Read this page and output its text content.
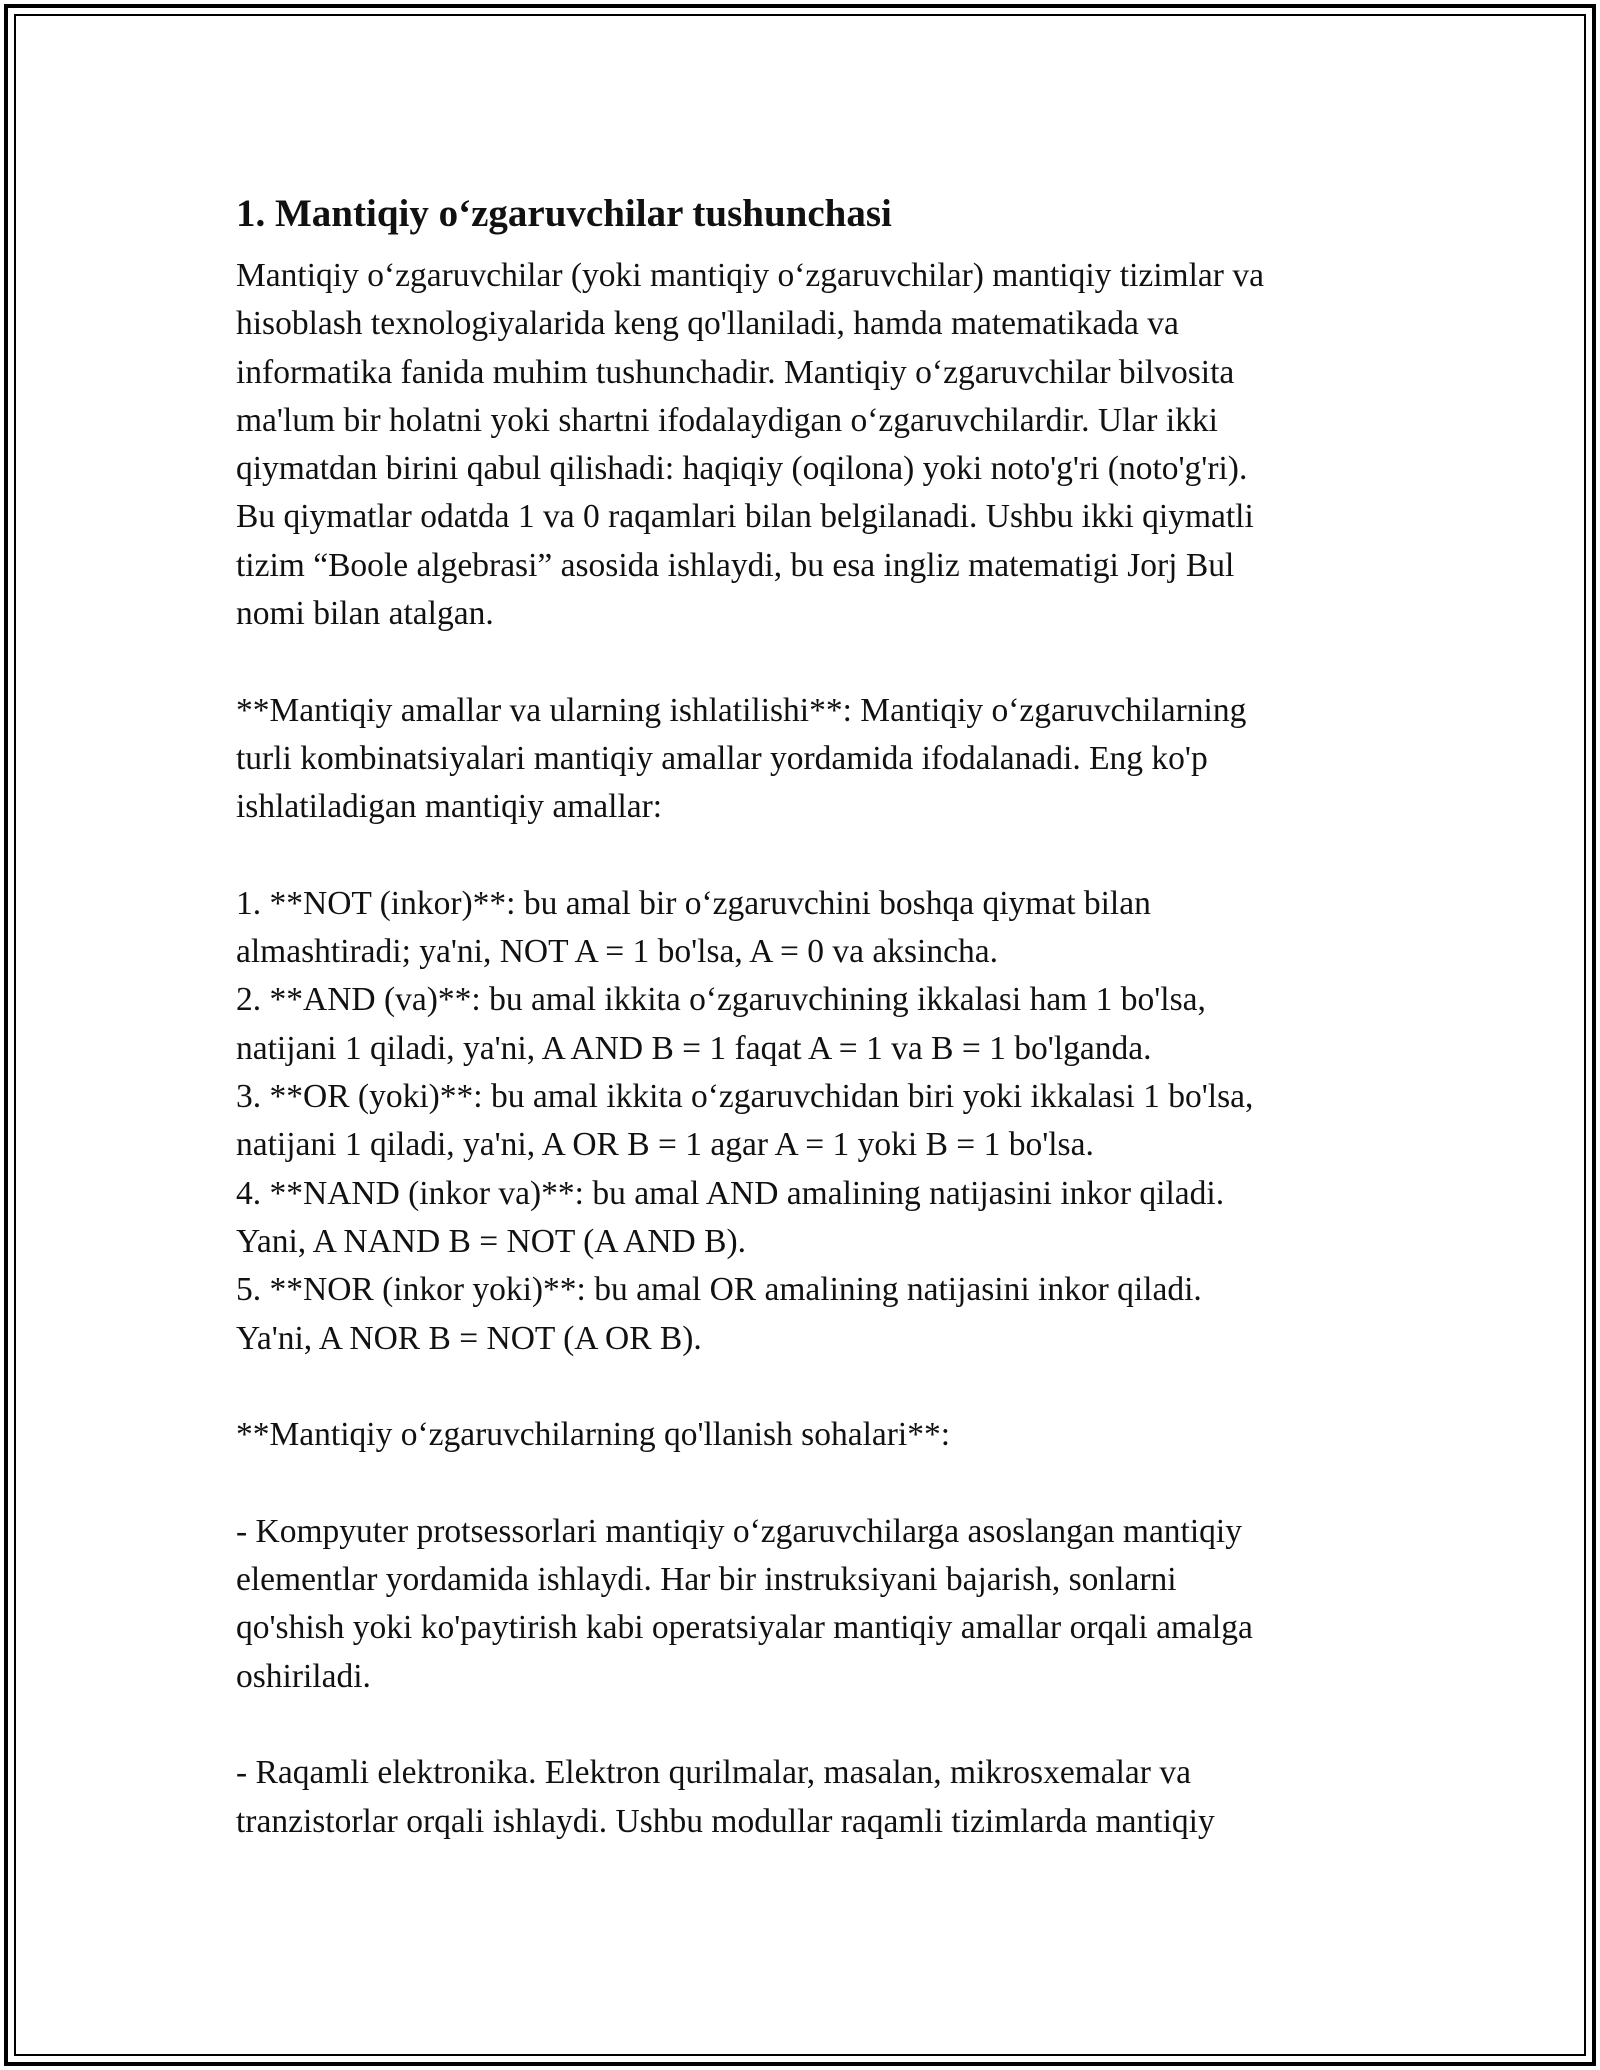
1. Mantiqiy o‘zgaruvchilar tushunchasi
Mantiqiy o‘zgaruvchilar (yoki mantiqiy o‘zgaruvchilar) mantiqiy tizimlar va
hisoblash texnologiyalarida keng qo'llaniladi, hamda matematikada va
informatika fanida muhim tushunchadir. Mantiqiy o‘zgaruvchilar bilvosita
ma'lum bir holatni yoki shartni ifodalaydigan o‘zgaruvchilardir. Ular ikki
qiymatdan birini qabul qilishadi: haqiqiy (oqilona) yoki noto'g'ri (noto'g'ri).
Bu qiymatlar odatda 1 va 0 raqamlari bilan belgilanadi. Ushbu ikki qiymatli
tizim “Boole algebrasi” asosida ishlaydi, bu esa ingliz matematigi Jorj Bul
nomi bilan atalgan.
**Mantiqiy amallar va ularning ishlatilishi**: Mantiqiy o‘zgaruvchilarning
turli kombinatsiyalari mantiqiy amallar yordamida ifodalanadi. Eng ko'p
ishlatiladigan mantiqiy amallar:
1. **NOT (inkor)**: bu amal bir o‘zgaruvchini boshqa qiymat bilan
almashtiradi; ya'ni, NOT A = 1 bo'lsa, A = 0 va aksincha.
2. **AND (va)**: bu amal ikkita o‘zgaruvchining ikkalasi ham 1 bo'lsa,
natijani 1 qiladi, ya'ni, A AND B = 1 faqat A = 1 va B = 1 bo'lganda.
3. **OR (yoki)**: bu amal ikkita o‘zgaruvchidan biri yoki ikkalasi 1 bo'lsa,
natijani 1 qiladi, ya'ni, A OR B = 1 agar A = 1 yoki B = 1 bo'lsa.
4. **NAND (inkor va)**: bu amal AND amalining natijasini inkor qiladi.
Yani, A NAND B = NOT (A AND B).
5. **NOR (inkor yoki)**: bu amal OR amalining natijasini inkor qiladi.
Ya'ni, A NOR B = NOT (A OR B).
**Mantiqiy o‘zgaruvchilarning qo'llanish sohalari**:
- Kompyuter protsessorlari mantiqiy o‘zgaruvchilarga asoslangan mantiqiy
elementlar yordamida ishlaydi. Har bir instruksiyani bajarish, sonlarni
qo'shish yoki ko'paytirish kabi operatsiyalar mantiqiy amallar orqali amalga
oshiriladi.
- Raqamli elektronika. Elektron qurilmalar, masalan, mikrosxemalar va
tranzistorlar orqali ishlaydi. Ushbu modullar raqamli tizimlarda mantiqiy
